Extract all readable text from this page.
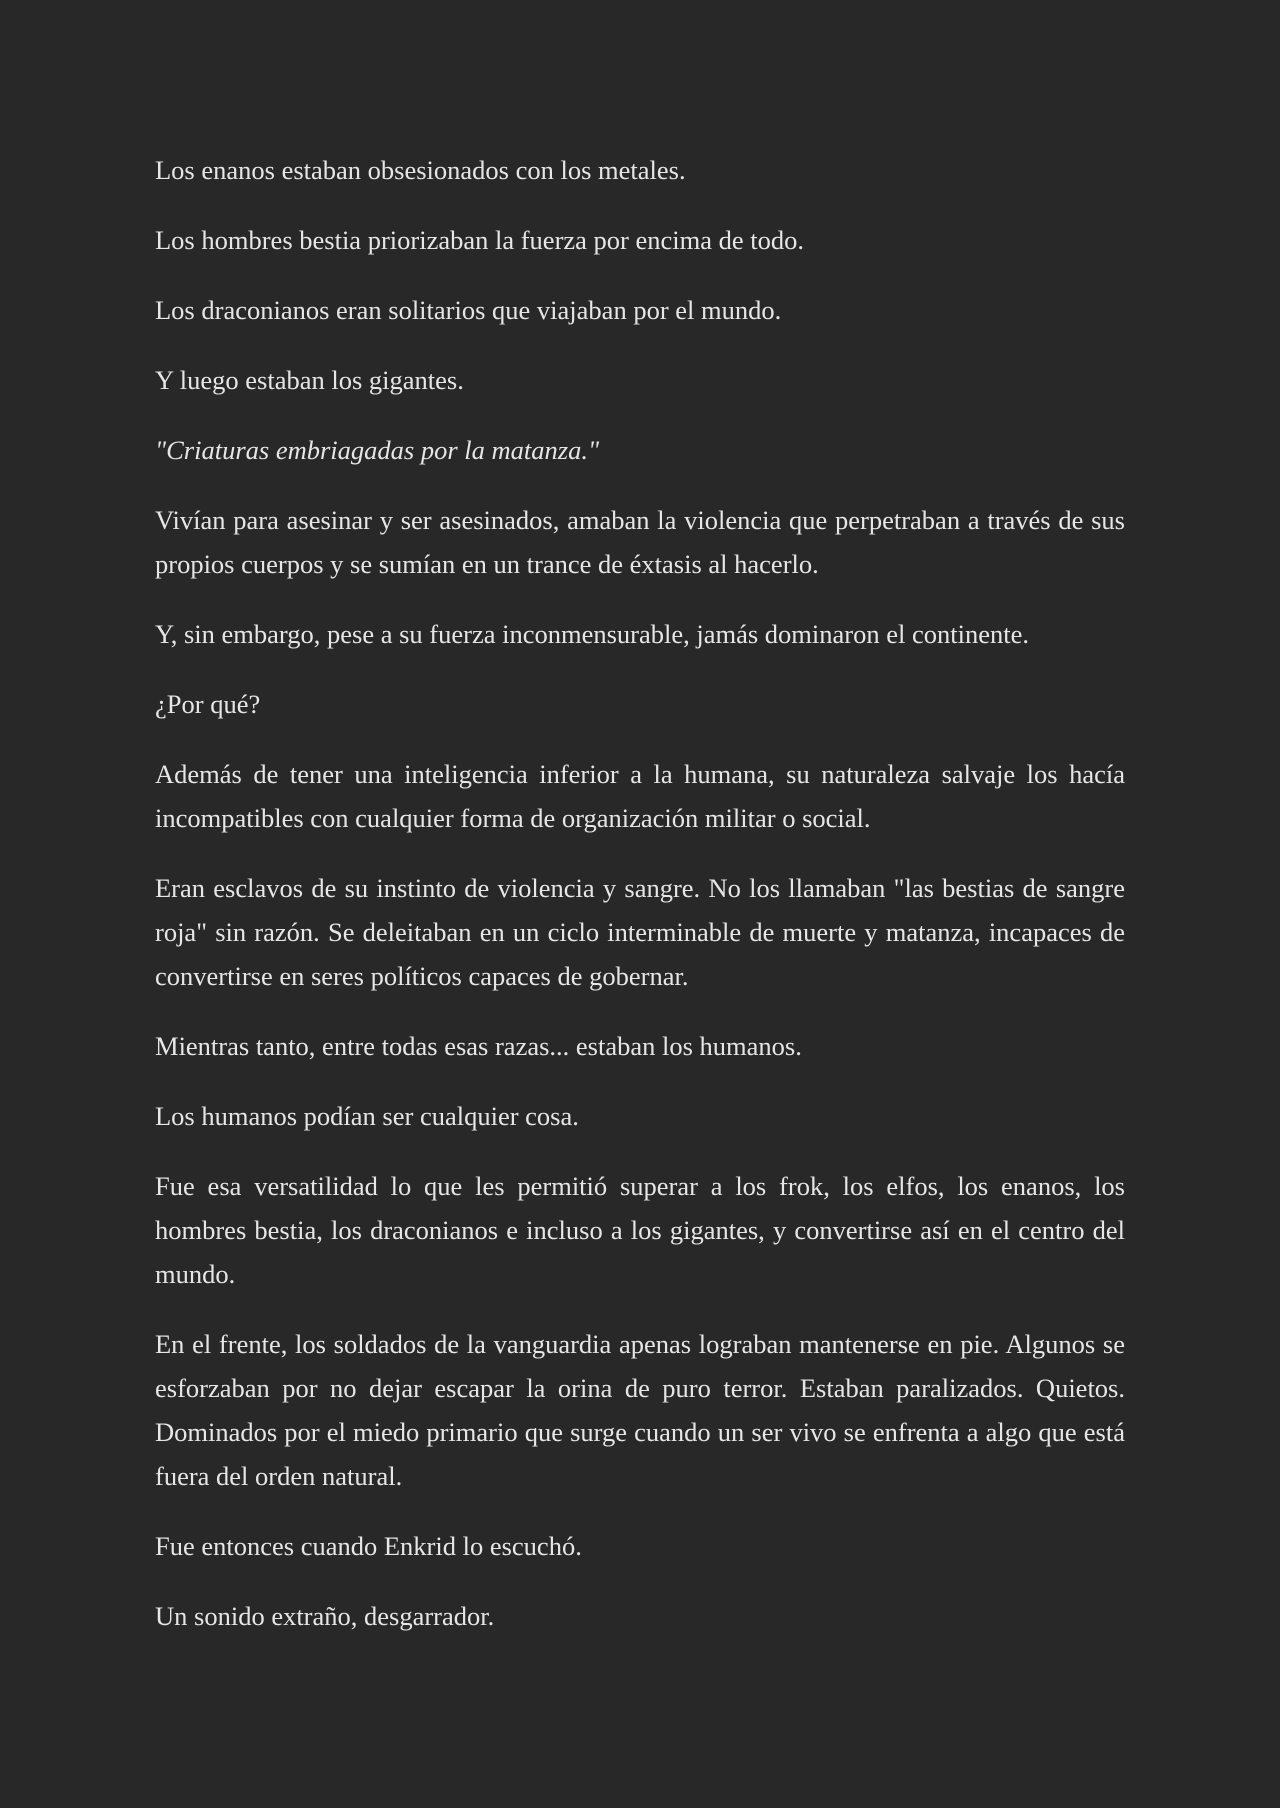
Los enanos estaban obsesionados con los metales.

Los hombres bestia priorizaban la fuerza por encima de todo.

Los draconianos eran solitarios que viajaban por el mundo.

Y luego estaban los gigantes.

"Criaturas embriagadas por la matanza."

Vivían para asesinar y ser asesinados, amaban la violencia que perpetraban a través de sus propios cuerpos y se sumían en un trance de éxtasis al hacerlo.

Y, sin embargo, pese a su fuerza inconmensurable, jamás dominaron el continente.

¿Por qué?

Además de tener una inteligencia inferior a la humana, su naturaleza salvaje los hacía incompatibles con cualquier forma de organización militar o social.

Eran esclavos de su instinto de violencia y sangre. No los llamaban "las bestias de sangre roja" sin razón. Se deleitaban en un ciclo interminable de muerte y matanza, incapaces de convertirse en seres políticos capaces de gobernar.

Mientras tanto, entre todas esas razas... estaban los humanos.

Los humanos podían ser cualquier cosa.

Fue esa versatilidad lo que les permitió superar a los frok, los elfos, los enanos, los hombres bestia, los draconianos e incluso a los gigantes, y convertirse así en el centro del mundo.

En el frente, los soldados de la vanguardia apenas lograban mantenerse en pie. Algunos se esforzaban por no dejar escapar la orina de puro terror. Estaban paralizados. Quietos. Dominados por el miedo primario que surge cuando un ser vivo se enfrenta a algo que está fuera del orden natural.

Fue entonces cuando Enkrid lo escuchó.

Un sonido extraño, desgarrador.
